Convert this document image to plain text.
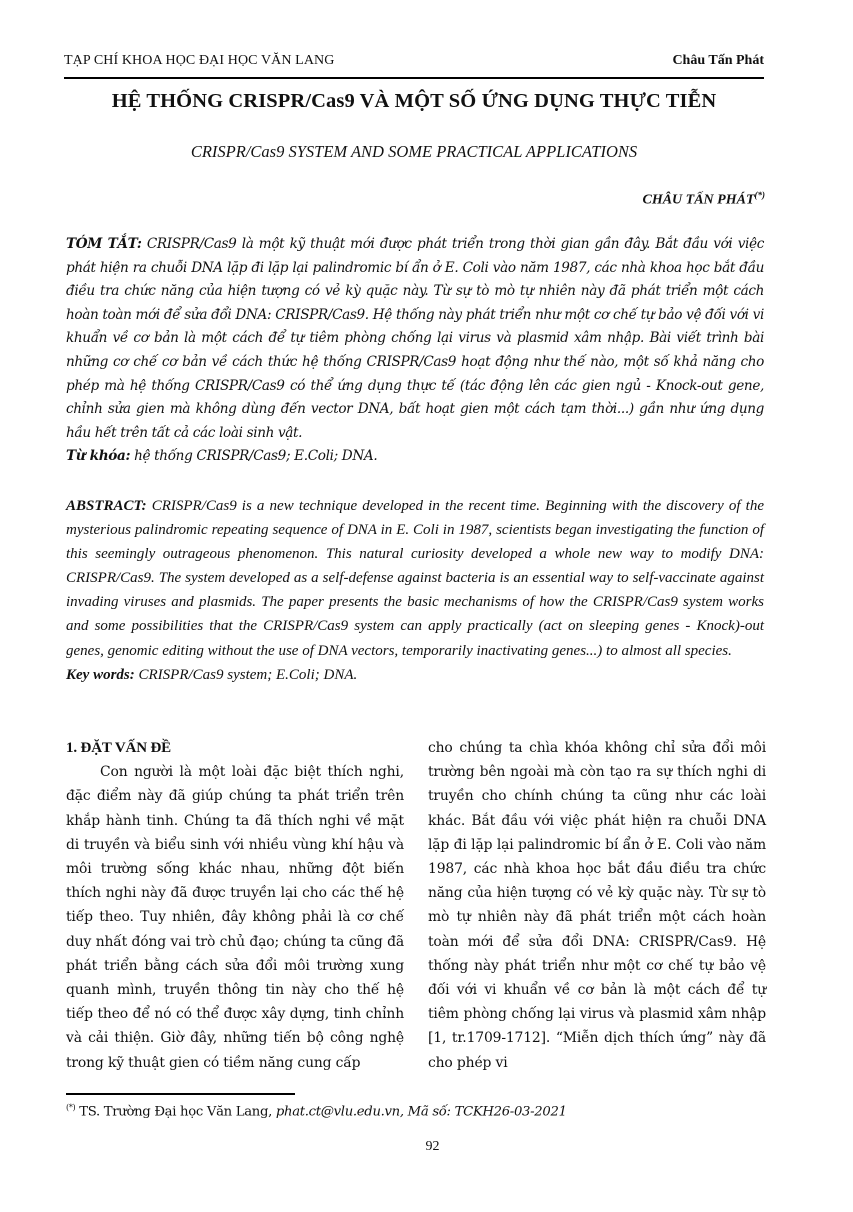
TẠP CHÍ KHOA HỌC ĐẠI HỌC VĂN LANG	Châu Tấn Phát
HỆ THỐNG CRISPR/Cas9 VÀ MỘT SỐ ỨNG DỤNG THỰC TIỄN
CRISPR/Cas9 SYSTEM AND SOME PRACTICAL APPLICATIONS
CHÂU TẤN PHÁT(*)
TÓM TẮT: CRISPR/Cas9 là một kỹ thuật mới được phát triển trong thời gian gần đây. Bắt đầu với việc phát hiện ra chuỗi DNA lặp đi lặp lại palindromic bí ẩn ở E. Coli vào năm 1987, các nhà khoa học bắt đầu điều tra chức năng của hiện tượng có vẻ kỳ quặc này. Từ sự tò mò tự nhiên này đã phát triển một cách hoàn toàn mới để sửa đổi DNA: CRISPR/Cas9. Hệ thống này phát triển như một cơ chế tự bảo vệ đối với vi khuẩn về cơ bản là một cách để tự tiêm phòng chống lại virus và plasmid xâm nhập. Bài viết trình bài những cơ chế cơ bản về cách thức hệ thống CRISPR/Cas9 hoạt động như thế nào, một số khả năng cho phép mà hệ thống CRISPR/Cas9 có thể ứng dụng thực tế (tác động lên các gien ngủ - Knock-out gene, chỉnh sửa gien mà không dùng đến vector DNA, bất hoạt gien một cách tạm thời...) gần như ứng dụng hầu hết trên tất cả các loài sinh vật.
Từ khóa: hệ thống CRISPR/Cas9; E.Coli; DNA.
ABSTRACT: CRISPR/Cas9 is a new technique developed in the recent time. Beginning with the discovery of the mysterious palindromic repeating sequence of DNA in E. Coli in 1987, scientists began investigating the function of this seemingly outrageous phenomenon. This natural curiosity developed a whole new way to modify DNA: CRISPR/Cas9. The system developed as a self-defense against bacteria is an essential way to self-vaccinate against invading viruses and plasmids. The paper presents the basic mechanisms of how the CRISPR/Cas9 system works and some possibilities that the CRISPR/Cas9 system can apply practically (act on sleeping genes - Knock)-out genes, genomic editing without the use of DNA vectors, temporarily inactivating genes...) to almost all species.
Key words: CRISPR/Cas9 system; E.Coli; DNA.
1. ĐẶT VẤN ĐỀ
Con người là một loài đặc biệt thích nghi, đặc điểm này đã giúp chúng ta phát triển trên khắp hành tinh. Chúng ta đã thích nghi về mặt di truyền và biểu sinh với nhiều vùng khí hậu và môi trường sống khác nhau, những đột biến thích nghi này đã được truyền lại cho các thế hệ tiếp theo. Tuy nhiên, đây không phải là cơ chế duy nhất đóng vai trò chủ đạo; chúng ta cũng đã phát triển bằng cách sửa đổi môi trường xung quanh mình, truyền thông tin này cho thế hệ tiếp theo để nó có thể được xây dựng, tinh chỉnh và cải thiện. Giờ đây, những tiến bộ công nghệ trong kỹ thuật gien có tiềm năng cung cấp
cho chúng ta chìa khóa không chỉ sửa đổi môi trường bên ngoài mà còn tạo ra sự thích nghi di truyền cho chính chúng ta cũng như các loài khác. Bắt đầu với việc phát hiện ra chuỗi DNA lặp đi lặp lại palindromic bí ẩn ở E. Coli vào năm 1987, các nhà khoa học bắt đầu điều tra chức năng của hiện tượng có vẻ kỳ quặc này. Từ sự tò mò tự nhiên này đã phát triển một cách hoàn toàn mới để sửa đổi DNA: CRISPR/Cas9. Hệ thống này phát triển như một cơ chế tự bảo vệ đối với vi khuẩn về cơ bản là một cách để tự tiêm phòng chống lại virus và plasmid xâm nhập [1, tr.1709-1712]. “Miễn dịch thích ứng” này đã cho phép vi
(*) TS. Trường Đại học Văn Lang, phat.ct@vlu.edu.vn, Mã số: TCKH26-03-2021
92
